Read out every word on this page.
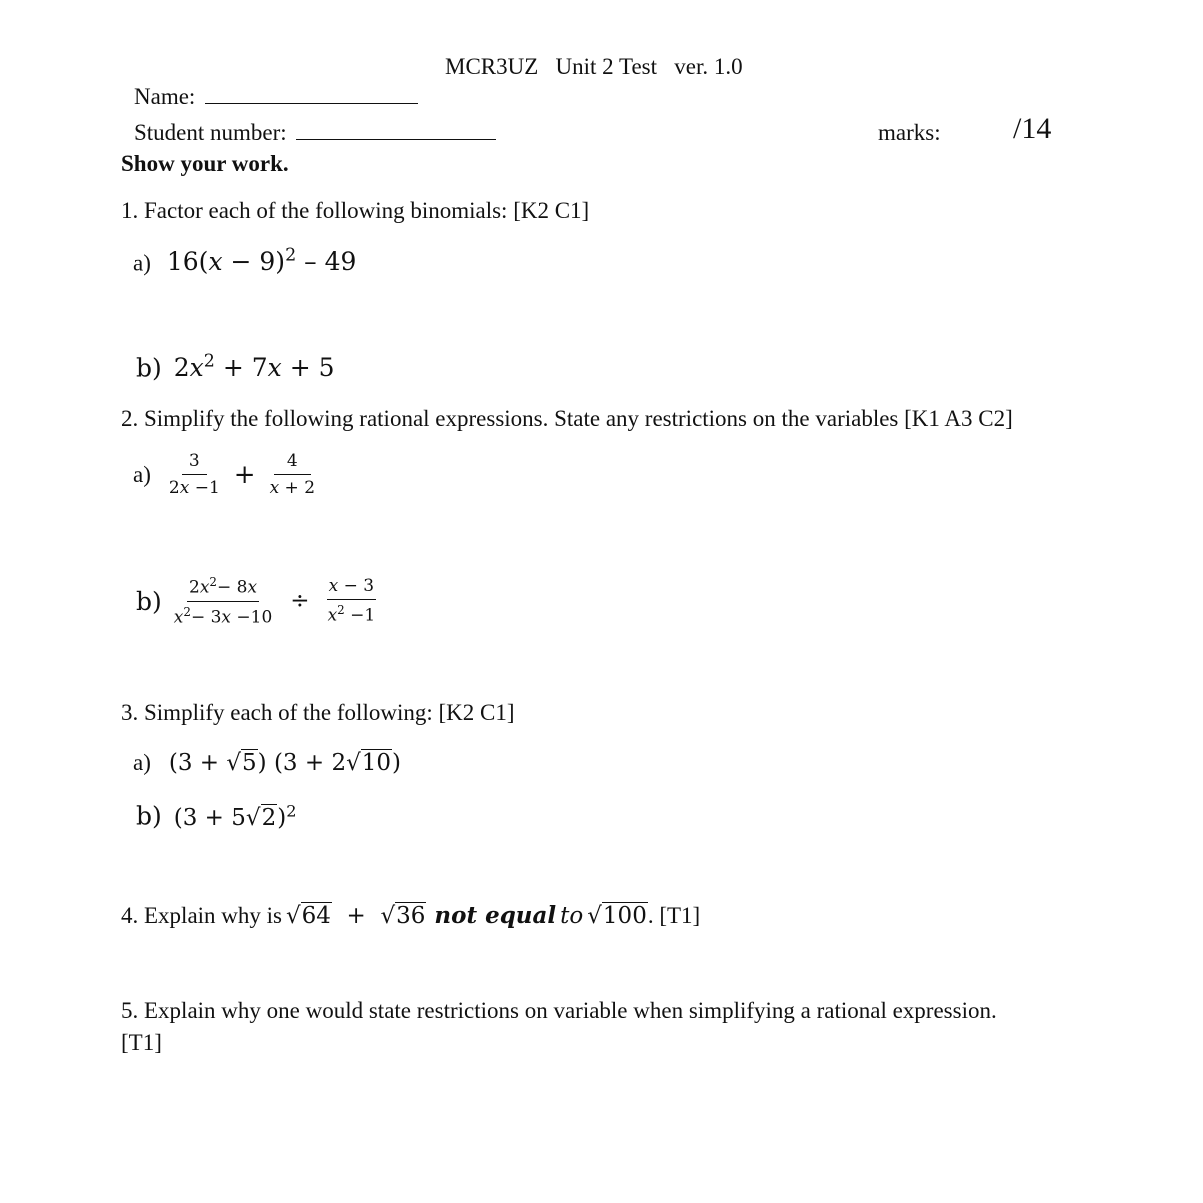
MCR3UZ   Unit 2 Test   ver. 1.0
Name:
Student number:	marks: /14
Show your work.
1. Factor each of the following binomials: [K2 C1]
a) $16(x - 9)^2 - 49$
b) $2x^2 + 7x + 5$
2. Simplify the following rational expressions. State any restrictions on the variables [K1 A3 C2]
$a) \frac{3}{2x -1} + \frac{4}{x + 2}$
$b) \frac{2x^2- 8x}{x^2- 3x -10} \div \frac{x - 3}{x^2 -1}$
3. Simplify each of the following: [K2 C1]
a) (3 + √5) (3 + 2√10)
b) $(3 + 5√2)^2$
4. Explain why is √64  +  √36 not equal to √100. [T1]
5. Explain why one would state restrictions on variable when simplifying a rational expression.
[T1]
